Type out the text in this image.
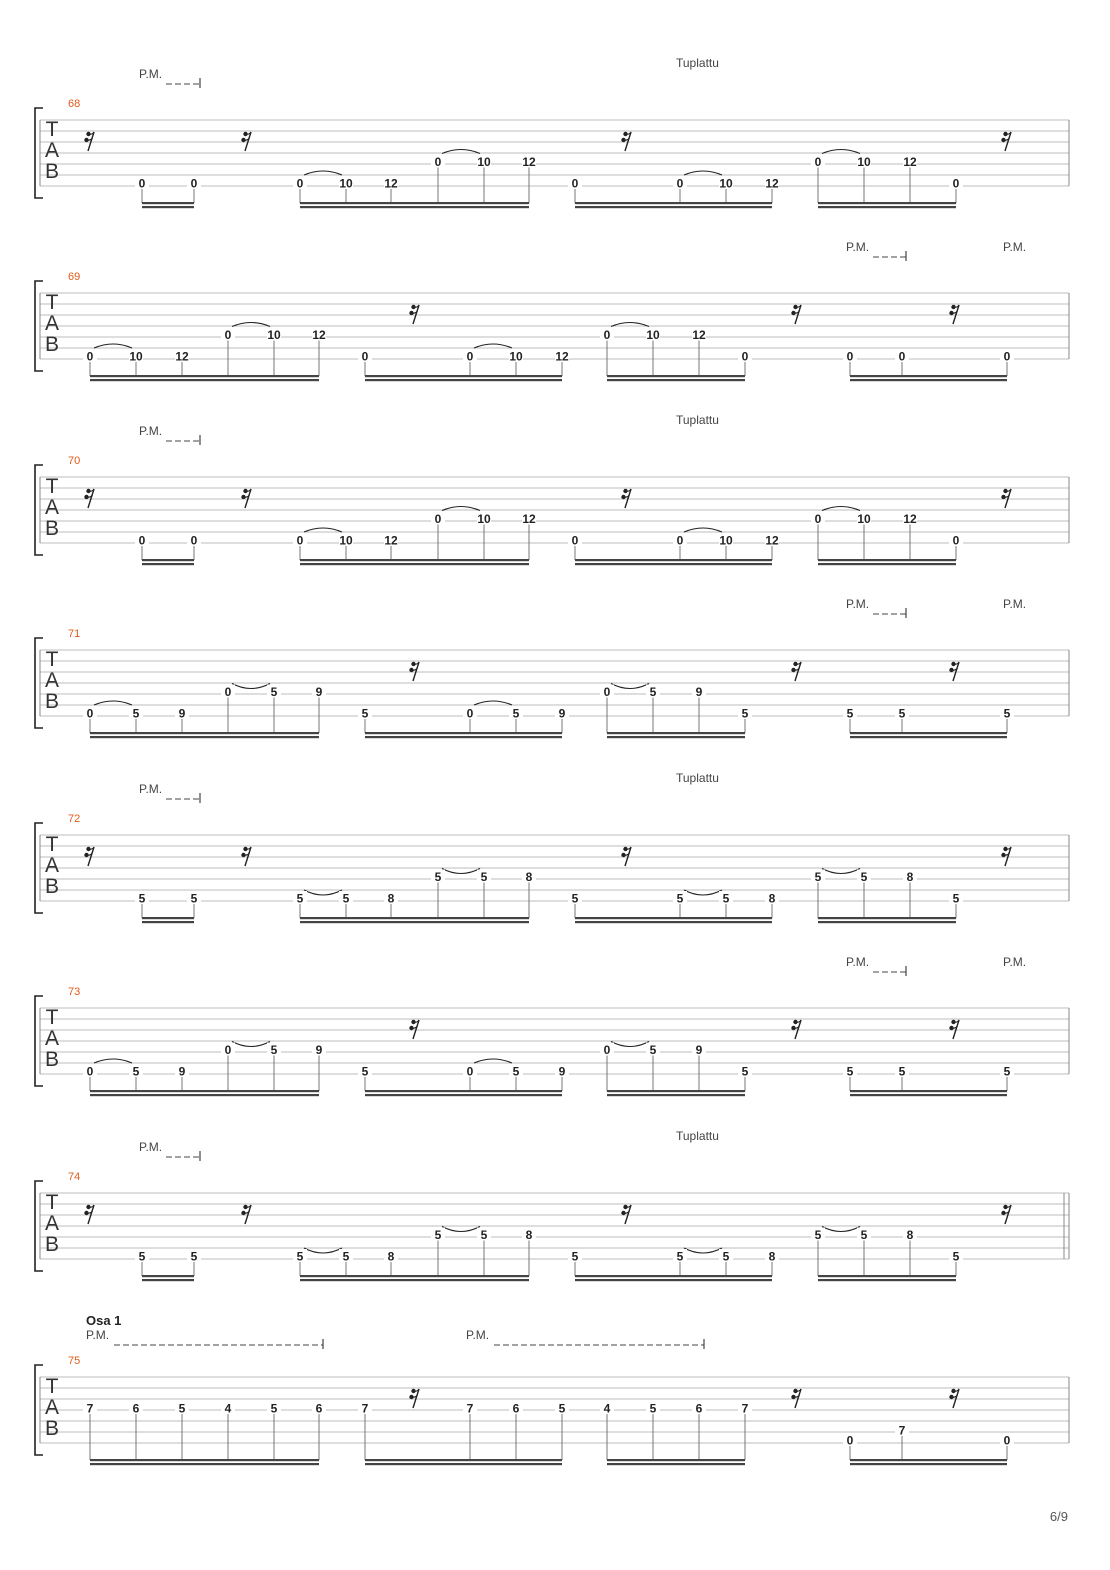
T
A
B
68
0	0	0	10	12
0	10	12
0	0	10	12
0	10	12
0
P.M.
Tuplattu
T
A
B
69
0	10	12
0	10	12
0	0	10	12
0	10	12
0	0	0	0
P.M.	P.M.
T
A
B
70
0	0	0	10	12
0	10	12
0	0	10	12
0	10	12
0
P.M.
Tuplattu
T
A
B
71
0	5	9
0	5	9
5	0	5	9
0	5	9
5	5	5	5
P.M.	P.M.
T
A
B
72
5	5	5	5	8
5	5	8
5	5	5	8
5	5	8
5
P.M.
Tuplattu
T
A
B
73
0	5	9
0	5	9
5	0	5	9
0	5	9
5	5	5	5
P.M.	P.M.
T
A
B
74
5	5	5	5	8
5	5	8
5	5	5	8
5	5	8
5
P.M.
Tuplattu
T
A
B
75
7	6	5	4	5	6	7	7	6	5	4	5	6	7
0
7
0
Osa 1
P.M.	P.M.
6/9
